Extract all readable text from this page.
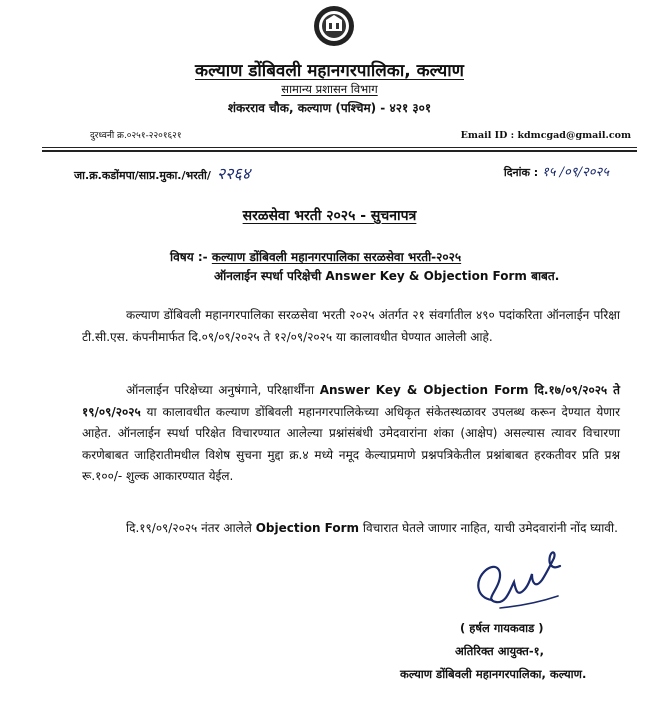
कल्याण डोंबिवली महानगरपालिका, कल्याण
सामान्य प्रशासन विभाग
शंकरराव चौक, कल्याण (पश्चिम) - ४२१ ३०१
दुरध्वनी क्र.०२५१-२२०१६२१	Email ID : kdmcgad@gmail.com
जा.क्र.कडोंमपा/साप्र.मुका./भरती/ २२६४	दिनांक : १५ /०९/२०२५
सरळसेवा भरती २०२५ - सुचनापत्र
विषय :- कल्याण डोंबिवली महानगरपालिका सरळसेवा भरती-२०२५
ऑनलाईन स्पर्धा परिक्षेची Answer Key & Objection Form बाबत.
कल्याण डोंबिवली महानगरपालिका सरळसेवा भरती २०२५ अंतर्गत २१ संवर्गातील ४९० पदांकरिता ऑनलाईन परिक्षा टी.सी.एस. कंपनीमार्फत दि.०९/०९/२०२५ ते १२/०९/२०२५ या कालावधीत घेण्यात आलेली आहे.
ऑनलाईन परिक्षेच्या अनुषंगाने, परिक्षार्थींना Answer Key & Objection Form दि.१७/०९/२०२५ ते १९/०९/२०२५ या कालावधीत कल्याण डोंबिवली महानगरपालिकेच्या अधिकृत संकेतस्थळावर उपलब्ध करून देण्यात येणार आहेत. ऑनलाईन स्पर्धा परिक्षेत विचारण्यात आलेल्या प्रश्नांसंबंधी उमेदवारांना शंका (आक्षेप) असल्यास त्यावर विचारणा करणेबाबत जाहिरातीमधील विशेष सुचना मुद्दा क्र.४ मध्ये नमूद केल्याप्रमाणे प्रश्नपत्रिकेतील प्रश्नांबाबत हरकतीवर प्रति प्रश्न रू.१००/- शुल्क आकारण्यात येईल.
दि.१९/०९/२०२५ नंतर आलेले Objection Form विचारात घेतले जाणार नाहित, याची उमेदवारांनी नोंद घ्यावी.
( हर्षल गायकवाड )
अतिरिक्त आयुक्त-१,
कल्याण डोंबिवली महानगरपालिका, कल्याण.
